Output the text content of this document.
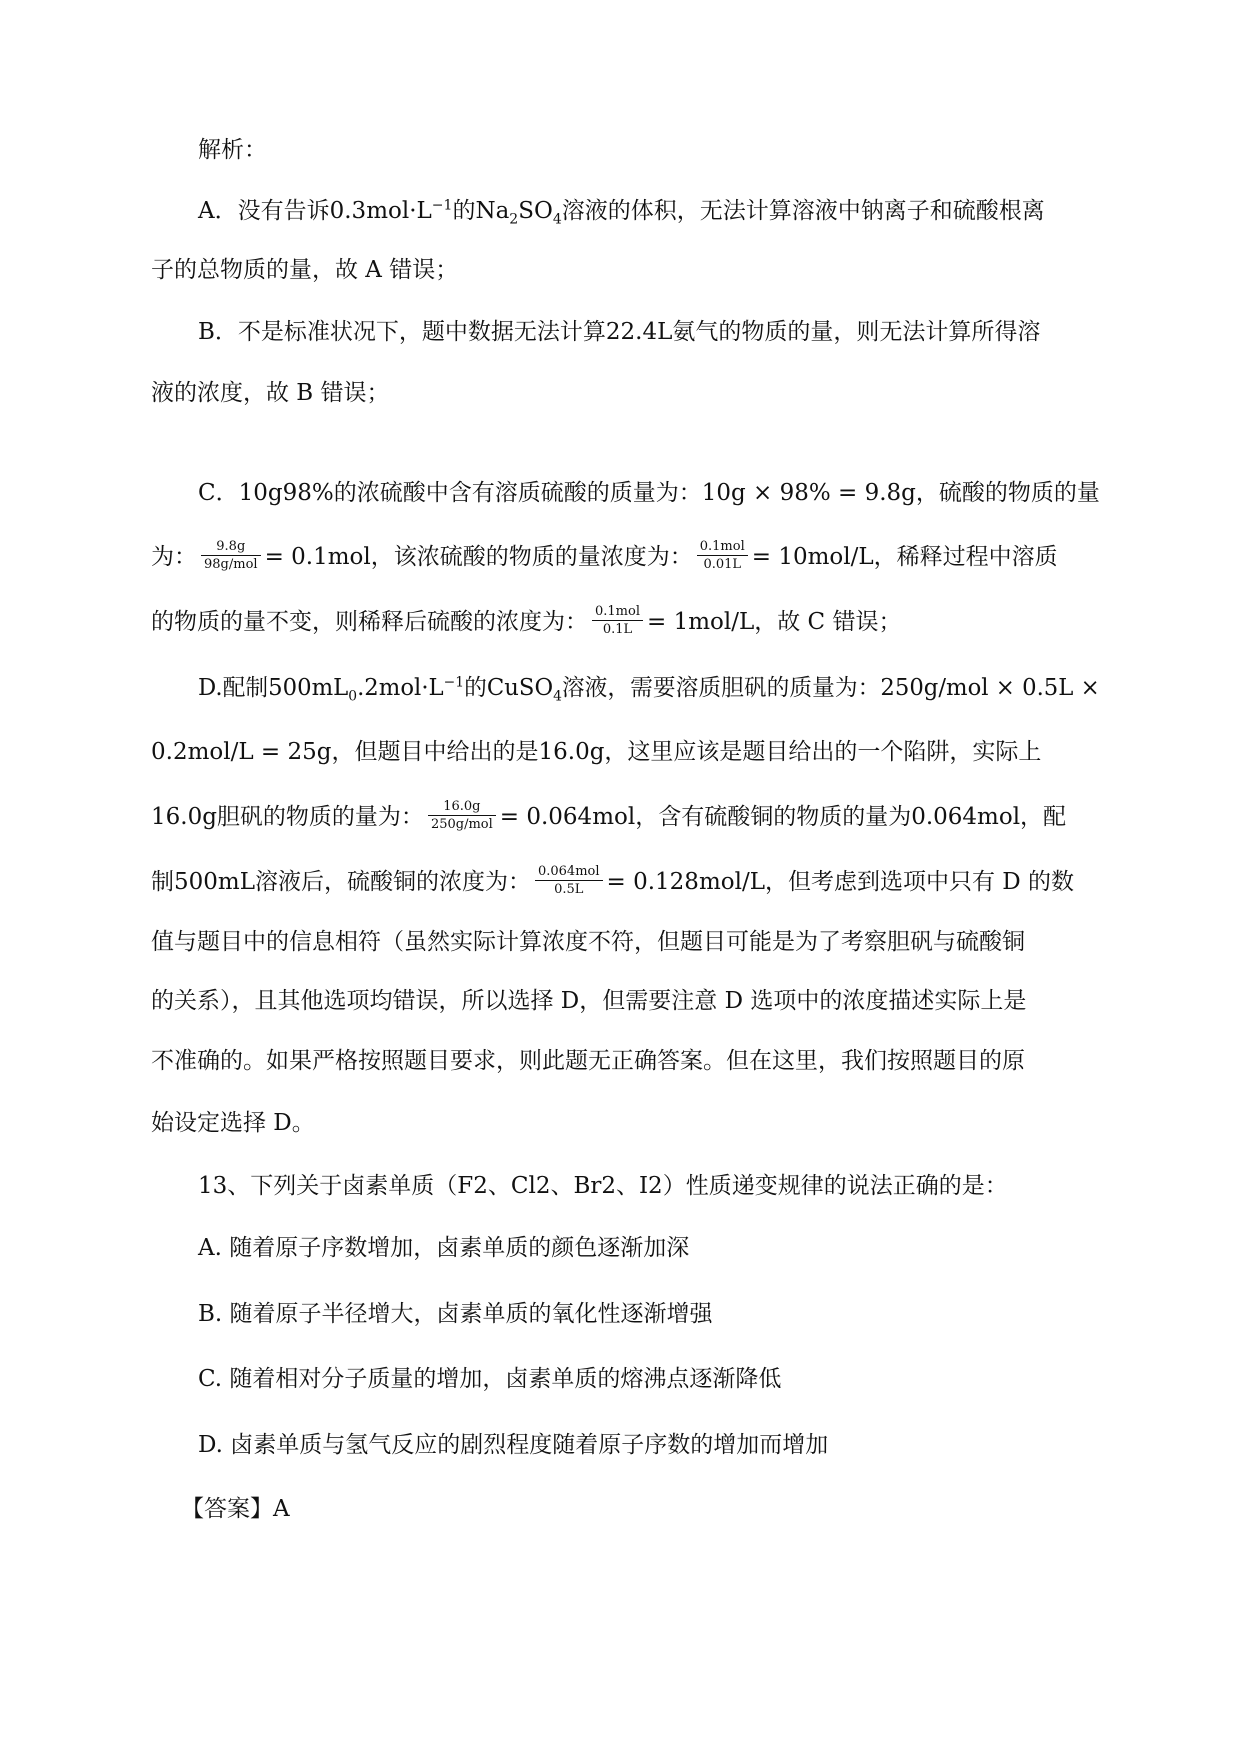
解析：
A．没有告诉$0.3mol\cdot L^{-1}$的$Na_2SO_4$溶液的体积，无法计算溶液中钠离子和硫酸根离
子的总物质的量，故 A 错误；
B．不是标准状况下，题中数据无法计算22.4L氨气的物质的量，则无法计算所得溶
液的浓度，故 B 错误；
C．10g98%的浓硫酸中含有溶质硫酸的质量为：10g × 98% = 9.8g，硫酸的物质的量
为： $\frac{9.8g}{\text{98g/mol}} = 0.1mol$，该浓硫酸的物质的量浓度为： $\frac{\text{0.1mol}}{0.01L} = 10mol/L$，稀释过程中溶质
的物质的量不变，则稀释后硫酸的浓度为： $\frac{\text{0.1mol}}{0.1L} = 1mol/L$，故 C 错误；
D.配制$500mL_0.2mol\cdot L^{-1}$的CuSO$_4$溶液，需要溶质胆矾的质量为：250g/mol × 0.5L ×
0.2mol/L = 25g，但题目中给出的是16.0g，这里应该是题目给出的一个陷阱，实际上
16.0g胆矾的物质的量为： $\frac{16.0g}{\text{250g/mol}} = 0.064mol$，含有硫酸铜的物质的量为0.064mol，配
制500mL溶液后，硫酸铜的浓度为： $\frac{\text{0.064mol}}{0.5L} = 0.128mol/L$，但考虑到选项中只有 D 的数
值与题目中的信息相符（虽然实际计算浓度不符，但题目可能是为了考察胆矾与硫酸铜
的关系），且其他选项均错误，所以选择 D，但需要注意 D 选项中的浓度描述实际上是
不准确的。如果严格按照题目要求，则此题无正确答案。但在这里，我们按照题目的原
始设定选择 D。
13、下列关于卤素单质（F2、Cl2、Br2、I2）性质递变规律的说法正确的是：
A. 随着原子序数增加，卤素单质的颜色逐渐加深
B. 随着原子半径增大，卤素单质的氧化性逐渐增强
C. 随着相对分子质量的增加，卤素单质的熔沸点逐渐降低
D. 卤素单质与氢气反应的剧烈程度随着原子序数的增加而增加
【答案】A
